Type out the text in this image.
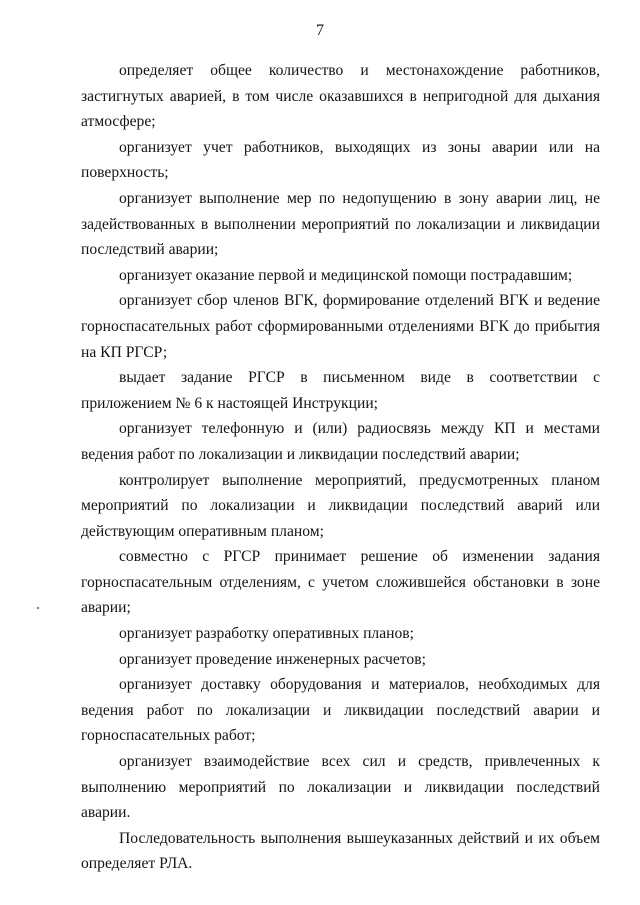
7

определяет общее количество и местонахождение работников, застигнутых аварией, в том числе оказавшихся в непригодной для дыхания атмосфере;

организует учет работников, выходящих из зоны аварии или на поверхность;

организует выполнение мер по недопущению в зону аварии лиц, не задействованных в выполнении мероприятий по локализации и ликвидации последствий аварии;

организует оказание первой и медицинской помощи пострадавшим;

организует сбор членов ВГК, формирование отделений ВГК и ведение горноспасательных работ сформированными отделениями ВГК до прибытия на КП РГСР;

выдает задание РГСР в письменном виде в соответствии с приложением № 6 к настоящей Инструкции;

организует телефонную и (или) радиосвязь между КП и местами ведения работ по локализации и ликвидации последствий аварии;

контролирует выполнение мероприятий, предусмотренных планом мероприятий по локализации и ликвидации последствий аварий или действующим оперативным планом;

совместно с РГСР принимает решение об изменении задания горноспасательным отделениям, с учетом сложившейся обстановки в зоне аварии;

организует разработку оперативных планов;

организует проведение инженерных расчетов;

организует доставку оборудования и материалов, необходимых для ведения работ по локализации и ликвидации последствий аварии и горноспасательных работ;

организует взаимодействие всех сил и средств, привлеченных к выполнению мероприятий по локализации и ликвидации последствий аварии.

Последовательность выполнения вышеуказанных действий и их объем определяет РЛА.
